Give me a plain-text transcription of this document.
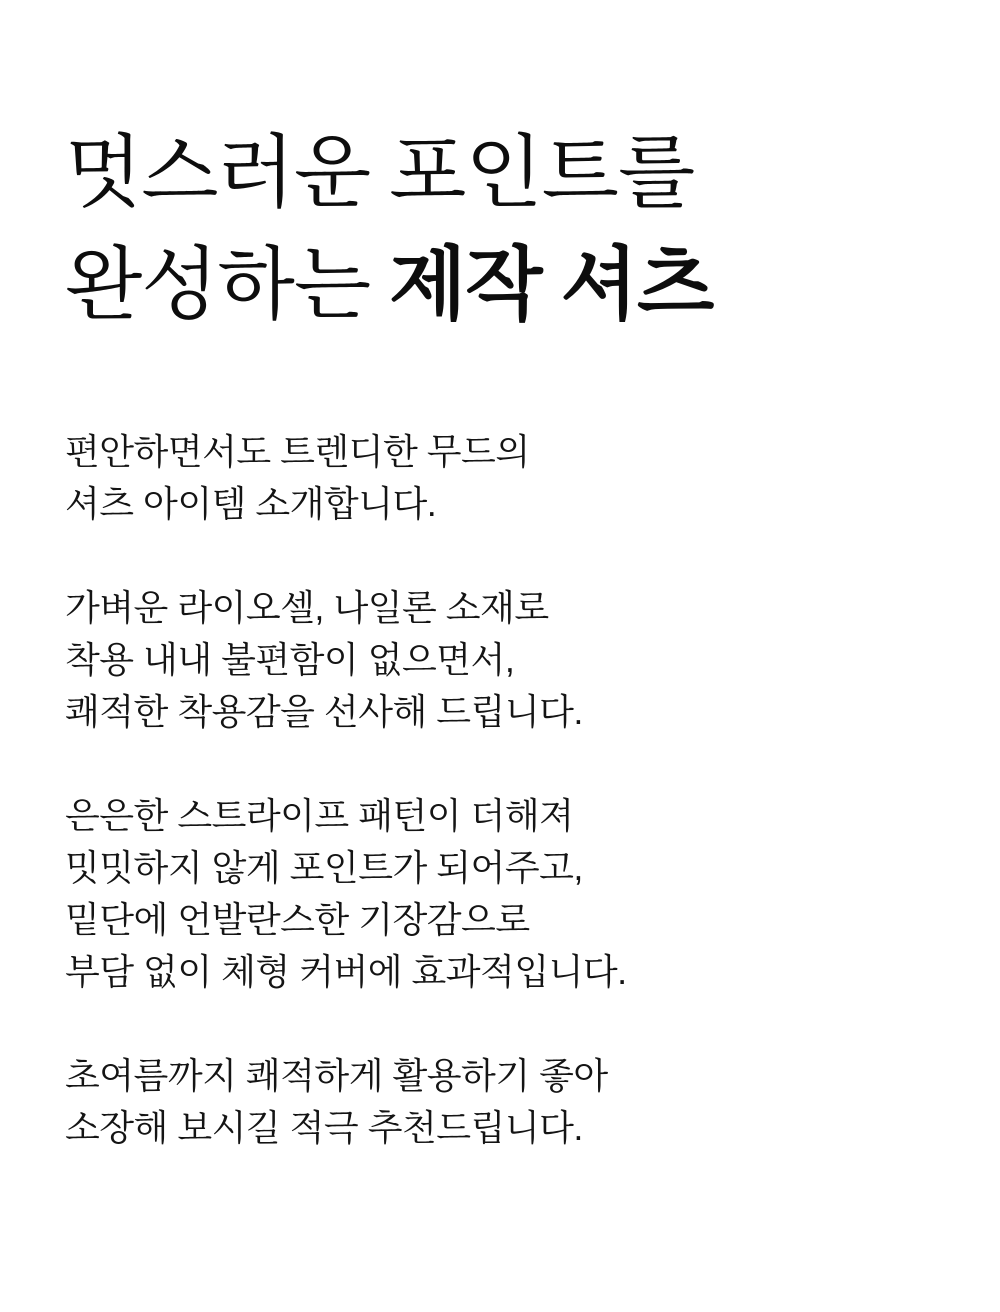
멋스러운 포인트를
완성하는 제작 셔츠

편안하면서도 트렌디한 무드의
셔츠 아이템 소개합니다.

가벼운 라이오셀, 나일론 소재로
착용 내내 불편함이 없으면서,
쾌적한 착용감을 선사해 드립니다.

은은한 스트라이프 패턴이 더해져
밋밋하지 않게 포인트가 되어주고,
밑단에 언발란스한 기장감으로
부담 없이 체형 커버에 효과적입니다.

초여름까지 쾌적하게 활용하기 좋아
소장해 보시길 적극 추천드립니다.
